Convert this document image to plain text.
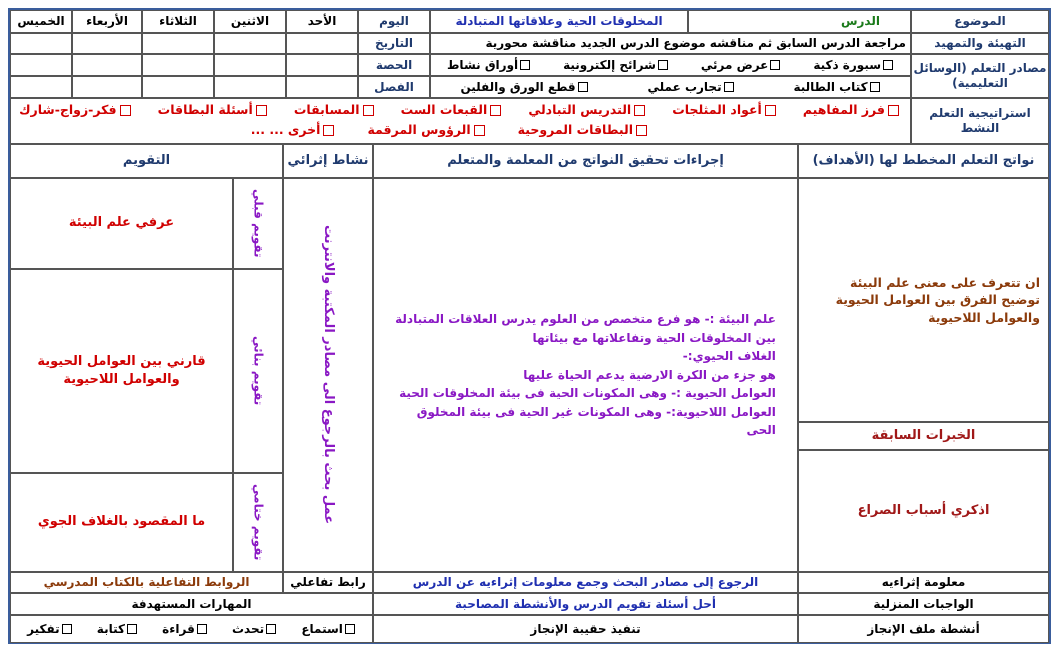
الموضوع
الدرس
المخلوقات الحية وعلاقاتها المتبادلة
اليوم
الأحد
الاثنين
الثلاثاء
الأربعاء
الخميس
التهيئة والتمهيد
مراجعة الدرس السابق ثم مناقشه موضوع الدرس الجديد مناقشة محورية
التاريخ
مصادر التعلم (الوسائل التعليمية)
سبورة ذكية
عرض مرئي
شرائح إلكترونية
أوراق نشاط
كتاب الطالبة
تجارب عملي
قطع الورق والفلين
الحصة
الفصل
استراتيجية التعلم النشط
فرز المفاهيم
أعواد المثلجات
التدريس التبادلي
القبعات الست
المسابقات
أسئلة البطاقات
فكر-زواج-شارك
البطاقات المروحية
الرؤوس المرقمة
أخرى ... ...
نواتج التعلم المخطط لها (الأهداف)
إجراءات تحقيق النواتج من المعلمة والمتعلم
نشاط إثرائي
التقويم
ان تتعرف على معنى علم البيئة
توضيح الفرق بين العوامل الحيوية
والعوامل اللاحيوية
الخبرات السابقة
اذكري أسباب الصراع
علم البيئة :- هو فرع متخصص من العلوم يدرس العلاقات المتبادلة
بين المخلوقات الحية وتفاعلاتها مع بيئاتها
الغلاف الحيوي:-
هو جزء من الكرة الارضية يدعم الحياة عليها
العوامل الحيوية :- وهى المكونات الحية فى بيئة المخلوقات الحية
العوامل اللاحيوية:- وهى المكونات غير الحية فى بيئة المخلوق
الحى
عمل بحث بالرجوع الى مصادر المكتبة والانترنت
تقويم قبلي
عرفي علم البيئة
تقويم بنائي
قارني بين العوامل الحيوية
والعوامل اللاحيوية
تقويم ختامي
ما المقصود بالغلاف الجوي
معلومة إثراءيه
الرجوع إلى مصادر البحث وجمع معلومات إثراءيه عن الدرس
رابط تفاعلي
الروابط التفاعلية بالكتاب المدرسي
الواجبات المنزلية
أحل أسئلة تقويم الدرس والأنشطة المصاحبة
المهارات المستهدفة
أنشطة ملف الإنجاز
تنفيذ حقيبة الإنجاز
استماع
تحدث
قراءة
كتابة
تفكير
